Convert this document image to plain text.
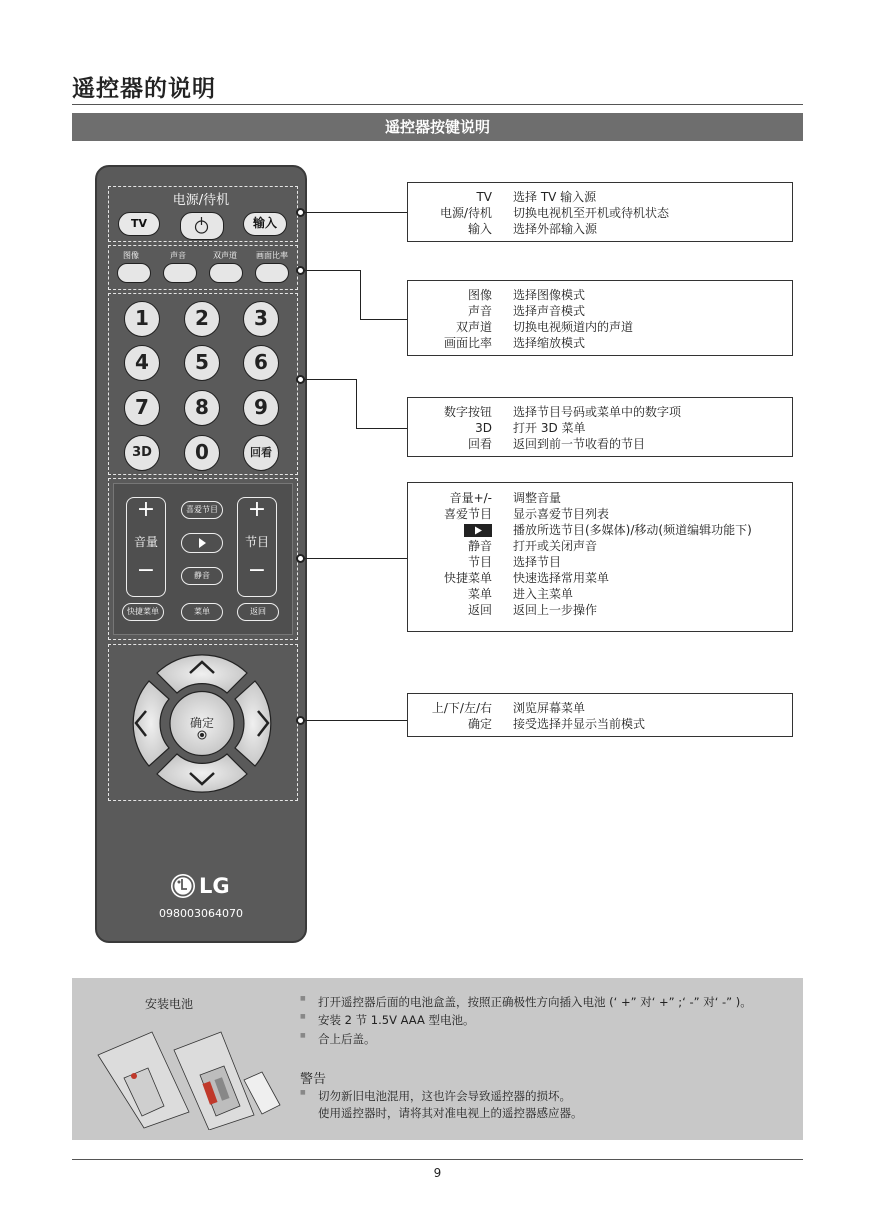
遥控器的说明
遥控器按键说明
电源/待机
TV	输入
图像	声音	双声道	画面比率
1	2	3
4	5	6
7	8	9
3D	0	回看
+
音量
−
+
节目
−
喜爱节目
静音
快捷菜单	菜单	返回
确定
LG
098003064070
TV 选择 TV 输入源
电源/待机 切换电视机至开机或待机状态
输入 选择外部输入源
图像 选择图像模式
声音 选择声音模式
双声道 切换电视频道内的声道
画面比率 选择缩放模式
数字按钮 选择节目号码或菜单中的数字项
3D 打开 3D 菜单
回看 返回到前一节收看的节目
音量+/- 调整音量
喜爱节目 显示喜爱节目列表
播放所选节目(多媒体)/移动(频道编辑功能下)
静音 打开或关闭声音
节目 选择节目
快捷菜单 快速选择常用菜单
菜单 进入主菜单
返回 返回上一步操作
上/下/左/右 浏览屏幕菜单
确定 接受选择并显示当前模式
安装电池
■	打开遥控器后面的电池盒盖，按照正确极性方向插入电池 (‘ +” 对‘ +” ;‘ -” 对‘ -” )。
■ 安装 2 节 1.5V AAA 型电池。
■ 合上后盖。
警告
■ 切勿新旧电池混用，这也许会导致遥控器的损坏。
使用遥控器时，请将其对准电视上的遥控器感应器。
9
